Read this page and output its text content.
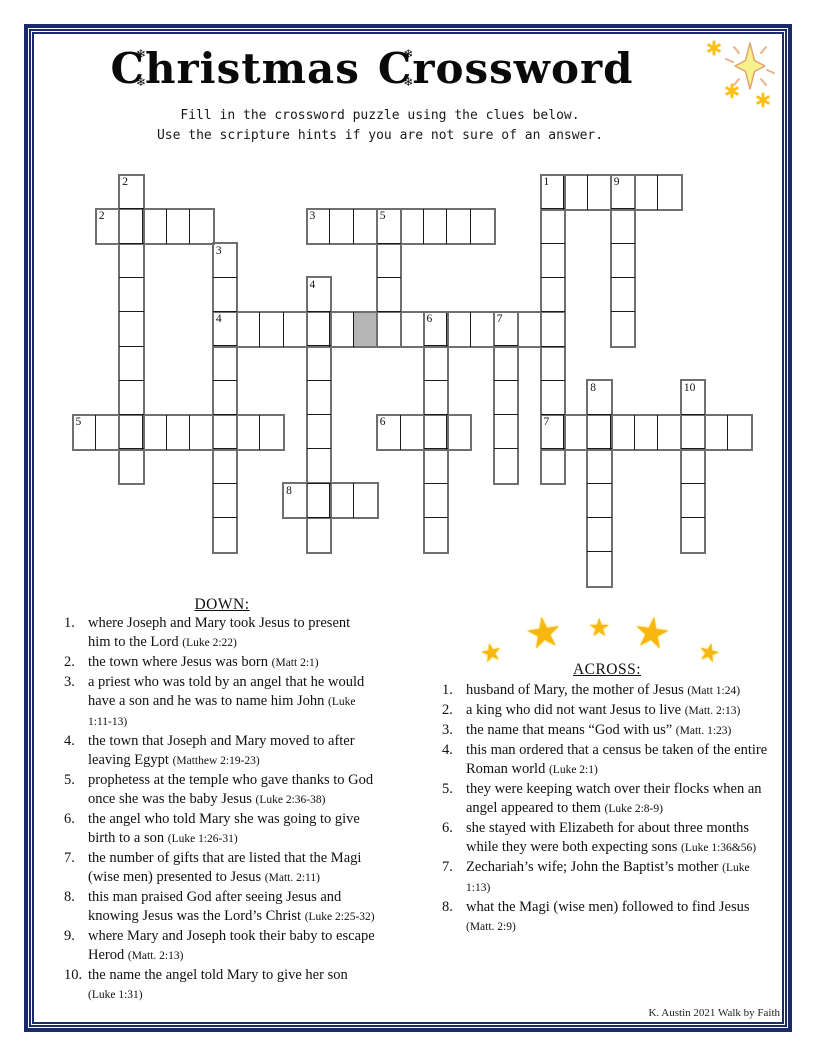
❄ C ❄hristmas ❄ C ❄rossword
Fill in the crossword puzzle using the clues below.
Use the scripture hints if you are not sure of an answer.
2	1	9
2	3	5
3
4
4	6	7
8	10
5	6	7
8
DOWN:
1. where Joseph and Mary took Jesus to present him to the Lord (Luke 2:22)
2. the town where Jesus was born (Matt 2:1)
3. a priest who was told by an angel that he would have a son and he was to name him John (Luke 1:11-13)
4. the town that Joseph and Mary moved to after leaving Egypt (Matthew 2:19-23)
5. prophetess at the temple who gave thanks to God once she was the baby Jesus (Luke 2:36-38)
6. the angel who told Mary she was going to give birth to a son (Luke 1:26-31)
7. the number of gifts that are listed that the Magi (wise men) presented to Jesus (Matt. 2:11)
8. this man praised God after seeing Jesus and knowing Jesus was the Lord’s Christ (Luke 2:25-32)
9. where Mary and Joseph took their baby to escape Herod (Matt. 2:13)
10. the name the angel told Mary to give her son (Luke 1:31)
★ ★ ★ ★ ★
ACROSS:
1. husband of Mary, the mother of Jesus (Matt 1:24)
2. a king who did not want Jesus to live (Matt. 2:13)
3. the name that means “God with us” (Matt. 1:23)
4. this man ordered that a census be taken of the entire Roman world (Luke 2:1)
5. they were keeping watch over their flocks when an angel appeared to them (Luke 2:8-9)
6. she stayed with Elizabeth for about three months while they were both expecting sons (Luke 1:36&56)
7. Zechariah’s wife; John the Baptist’s mother (Luke 1:13)
8. what the Magi (wise men) followed to find Jesus (Matt. 2:9)
K. Austin 2021 Walk by Faith
